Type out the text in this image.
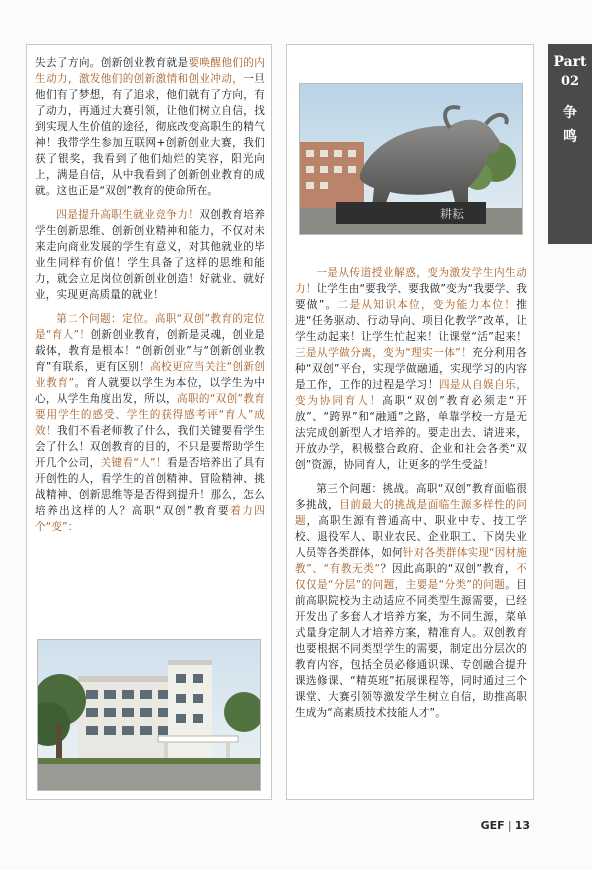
Part
02
争
鸣

失去了方向。创新创业教育就是要唤醒他们的内生动力，激发他们的创新激情和创业冲动，一旦他们有了梦想，有了追求，他们就有了方向，有了动力，再通过大赛引领，让他们树立自信，找到实现人生价值的途径，彻底改变高职生的精气神！我带学生参加互联网+创新创业大赛，我们获了银奖，我看到了他们灿烂的笑容，阳光向上，满是自信，从中我看到了创新创业教育的成就。这也正是“双创”教育的使命所在。

四是提升高职生就业竞争力！双创教育培养学生创新思维、创新创业精神和能力，不仅对未来走向商业发展的学生有意义，对其他就业的毕业生同样有价值！学生具备了这样的思维和能力，就会立足岗位创新创业创造！好就业、就好业，实现更高质量的就业！

第二个问题：定位。高职“双创”教育的定位是“育人”！创新创业教育，创新是灵魂，创业是载体，教育是根本！“创新创业”与“创新创业教育”有联系，更有区别！高校更应当关注“创新创业教育”。育人就要以学生为本位，以学生为中心，从学生角度出发，所以，高职的“双创”教育要用学生的感受、学生的获得感考评“育人”成效！我们不看老师教了什么，我们关键要看学生会了什么！双创教育的目的，不只是要帮助学生开几个公司，关键看“人”！看是否培养出了具有开创性的人，看学生的首创精神、冒险精神、挑战精神、创新思维等是否得到提升！那么，怎么培养出这样的人？高职“双创”教育要着力四个“变”：

耕耘

一是从传道授业解惑，变为激发学生内生动力！让学生由“要我学、要我做”变为“我要学、我要做”。二是从知识本位，变为能力本位！推进“任务驱动、行动导向、项目化教学”改革，让学生动起来！让学生忙起来！让课堂“活”起来！三是从学做分离，变为“理实一体”！充分利用各种“双创”平台，实现学做融通，实现学习的内容是工作，工作的过程是学习！四是从自娱自乐，变为协同育人！高职“双创”教育必须走“开放”、“跨界”和“融通”之路，单靠学校一方是无法完成创新型人才培养的。要走出去、请进来，开放办学，积极整合政府、企业和社会各类“双创”资源，协同育人，让更多的学生受益！

第三个问题：挑战。高职“双创”教育面临很多挑战，目前最大的挑战是面临生源多样性的问题，高职生源有普通高中、职业中专、技工学校、退役军人、职业农民、企业职工、下岗失业人员等各类群体，如何针对各类群体实现“因材施教”、“有教无类”？因此高职的“双创”教育，不仅仅是“分层”的问题，主要是“分类”的问题。目前高职院校为主动适应不同类型生源需要，已经开发出了多套人才培养方案，为不同生源，菜单式量身定制人才培养方案，精准育人。双创教育也要根据不同类型学生的需要，制定出分层次的教育内容，包括全员必修通识课、专创融合提升课选修课、“精英班”拓展课程等，同时通过三个课堂、大赛引领等激发学生树立自信，助推高职生成为“高素质技术技能人才”。

GEF | 13
